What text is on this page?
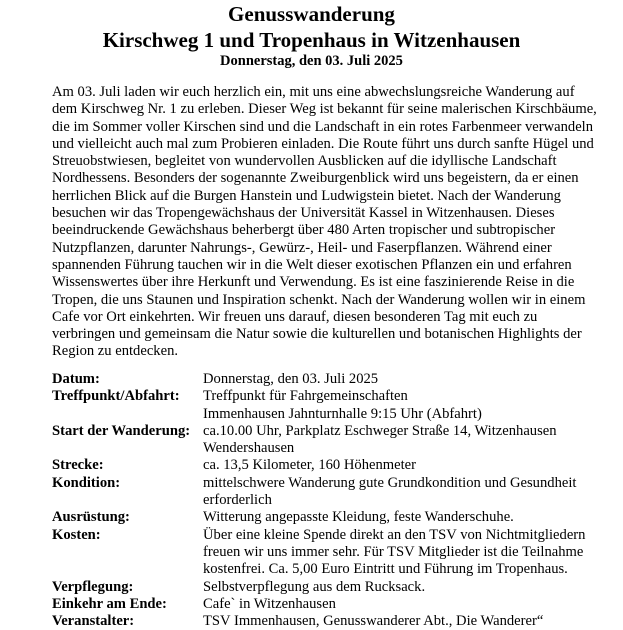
Genusswanderung
Kirschweg 1 und Tropenhaus in Witzenhausen
Donnerstag, den 03. Juli 2025

Am 03. Juli laden wir euch herzlich ein, mit uns eine abwechslungsreiche Wanderung auf dem Kirschweg Nr. 1 zu erleben. Dieser Weg ist bekannt für seine malerischen Kirschbäume, die im Sommer voller Kirschen sind und die Landschaft in ein rotes Farbenmeer verwandeln und vielleicht auch mal zum Probieren einladen. Die Route führt uns durch sanfte Hügel und Streuobstwiesen, begleitet von wundervollen Ausblicken auf die idyllische Landschaft Nordhessens. Besonders der sogenannte Zweiburgenblick wird uns begeistern, da er einen herrlichen Blick auf die Burgen Hanstein und Ludwigstein bietet. Nach der Wanderung besuchen wir das Tropengewächshaus der Universität Kassel in Witzenhausen. Dieses beeindruckende Gewächshaus beherbergt über 480 Arten tropischer und subtropischer Nutzpflanzen, darunter Nahrungs-, Gewürz-, Heil- und Faserpflanzen. Während einer spannenden Führung tauchen wir in die Welt dieser exotischen Pflanzen ein und erfahren Wissenswertes über ihre Herkunft und Verwendung. Es ist eine faszinierende Reise in die Tropen, die uns Staunen und Inspiration schenkt. Nach der Wanderung wollen wir in einem Cafe vor Ort einkehrten. Wir freuen uns darauf, diesen besonderen Tag mit euch zu verbringen und gemeinsam die Natur sowie die kulturellen und botanischen Highlights der Region zu entdecken.

Datum:	Donnerstag, den 03. Juli 2025
Treffpunkt/Abfahrt:	Treffpunkt für Fahrgemeinschaften
Immenhausen Jahnturnhalle 9:15 Uhr (Abfahrt)
Start der Wanderung: ca.10.00 Uhr, Parkplatz Eschweger Straße 14, Witzenhausen
Wendershausen
Strecke:	ca. 13,5 Kilometer, 160 Höhenmeter
Kondition:	mittelschwere Wanderung gute Grundkondition und Gesundheit
erforderlich
Ausrüstung:	Witterung angepasste Kleidung, feste Wanderschuhe.
Kosten:	Über eine kleine Spende direkt an den TSV von Nichtmitgliedern
freuen wir uns immer sehr. Für TSV Mitglieder ist die Teilnahme
kostenfrei. Ca. 5,00 Euro Eintritt und Führung im Tropenhaus.
Verpflegung:	Selbstverpflegung aus dem Rucksack.
Einkehr am Ende:	Cafe` in Witzenhausen
Veranstalter:	TSV Immenhausen, Genusswanderer Abt., Die Wanderer“
